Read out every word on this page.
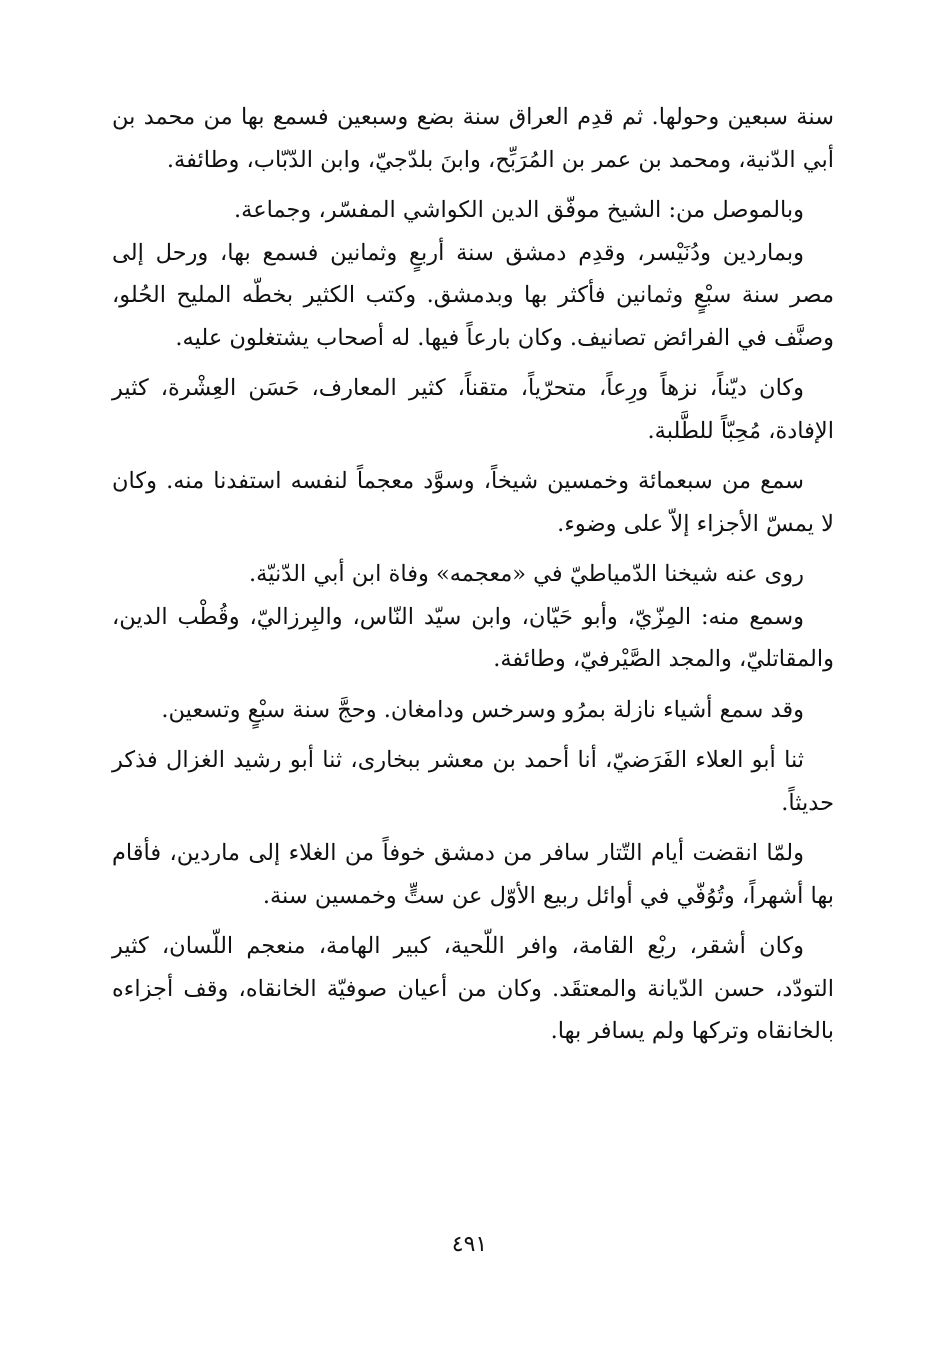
سنة سبعين وحولها. ثم قدِم العراق سنة بضع وسبعين فسمع بها من محمد بن أبي الدّنية، ومحمد بن عمر بن المُرَبِّح، وابنَ بلدّجيّ، وابن الدّبّاب، وطائفة.

وبالموصل من: الشيخ موفّق الدين الكواشي المفسّر، وجماعة.

وبماردين ودُنَيْسر، وقدِم دمشق سنة أربعٍ وثمانين فسمع بها، ورحل إلى مصر سنة سبْعٍ وثمانين فأكثر بها وبدمشق. وكتب الكثير بخطّه المليح الحُلو، وصنَّف في الفرائض تصانيف. وكان بارعاً فيها. له أصحاب يشتغلون عليه.

وكان ديّناً، نزهاً ورِعاً، متحرّياً، متقناً، كثير المعارف، حَسَن العِشْرة، كثير الإفادة، مُحِبّاً للطَّلبة.

سمع من سبعمائة وخمسين شيخاً، وسوَّد معجماً لنفسه استفدنا منه. وكان لا يمسّ الأجزاء إلاّ على وضوء.

روى عنه شيخنا الدّمياطيّ في «معجمه» وفاة ابن أبي الدّنيّة.

وسمع منه: المِزّيّ، وأبو حَيّان، وابن سيّد النّاس، والبِرزاليّ، وقُطْب الدين، والمقاتليّ، والمجد الصَّيْرفيّ، وطائفة.

وقد سمع أشياء نازلة بمرُو وسرخس ودامغان. وحجَّ سنة سبْعٍ وتسعين.

ثنا أبو العلاء الفَرَضيّ، أنا أحمد بن معشر ببخارى، ثنا أبو رشيد الغزال فذكر حديثاً.

ولمّا انقضت أيام التّتار سافر من دمشق خوفاً من الغلاء إلى ماردين، فأقام بها أشهراً، وتُوُفّي في أوائل ربيع الأوّل عن ستٍّ وخمسين سنة.

وكان أشقر، ربْع القامة، وافر اللّحية، كبير الهامة، منعجم اللّسان، كثير التودّد، حسن الدّيانة والمعتقَد. وكان من أعيان صوفيّة الخانقاه، وقف أجزاءه بالخانقاه وتركها ولم يسافر بها.

٤٩١
